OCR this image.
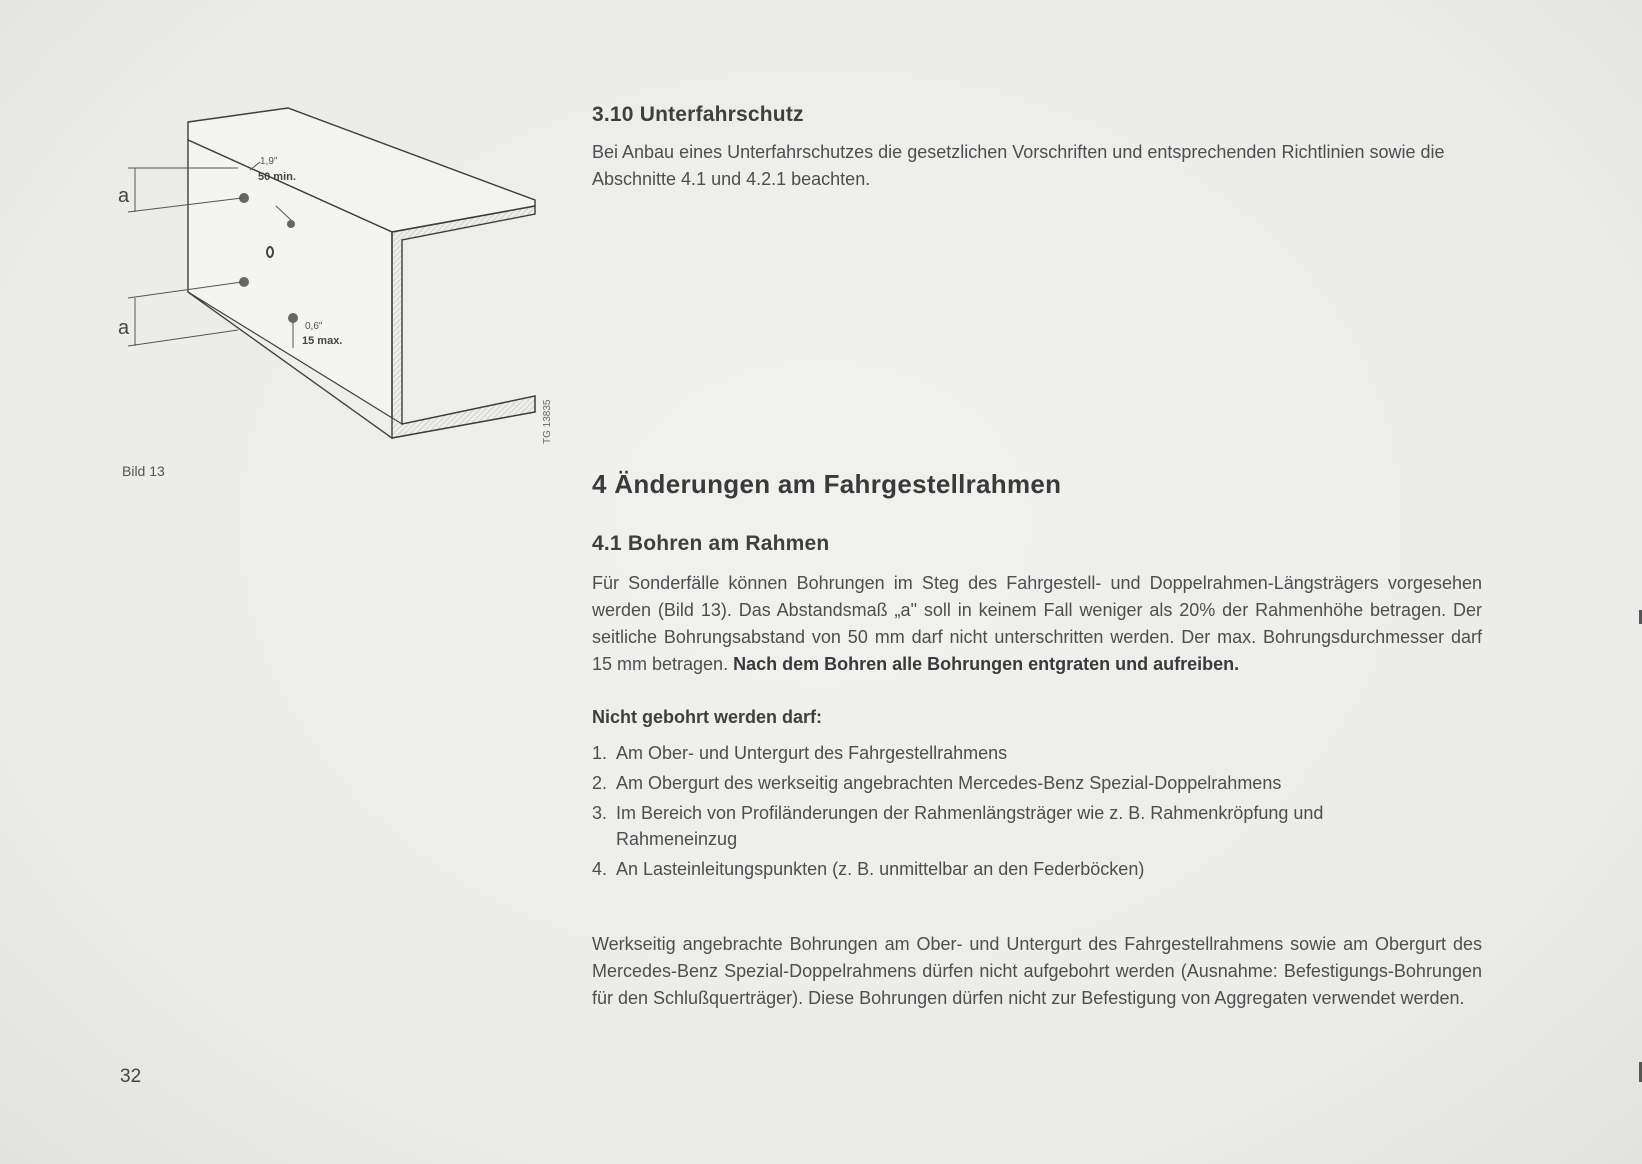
a
a
1,9"
50 min.
0,6"
15 max.
TG 13835
Bild 13
32
3.10 Unterfahrschutz

Bei Anbau eines Unterfahrschutzes die gesetzlichen Vorschriften und entsprechenden Richtlinien sowie die Abschnitte 4.1 und 4.2.1 beachten.

4 Änderungen am Fahrgestellrahmen
4.1 Bohren am Rahmen

Für Sonderfälle können Bohrungen im Steg des Fahrgestell- und Doppelrahmen-Längsträgers vorgesehen werden (Bild 13). Das Abstandsmaß „a" soll in keinem Fall weniger als 20% der Rahmenhöhe betragen. Der seitliche Bohrungsabstand von 50 mm darf nicht unterschritten werden. Der max. Bohrungsdurchmesser darf 15 mm betragen. Nach dem Bohren alle Bohrungen entgraten und aufreiben.

Nicht gebohrt werden darf:
1. Am Ober- und Untergurt des Fahrgestellrahmens
2. Am Obergurt des werkseitig angebrachten Mercedes-Benz Spezial-Doppelrahmens
3. Im Bereich von Profiländerungen der Rahmenlängsträger wie z. B. Rahmenkröpfung und Rahmeneinzug
4. An Lasteinleitungspunkten (z. B. unmittelbar an den Federböcken)

Werkseitig angebrachte Bohrungen am Ober- und Untergurt des Fahrgestellrahmens sowie am Obergurt des Mercedes-Benz Spezial-Doppelrahmens dürfen nicht aufgebohrt werden (Ausnahme: Befestigungs-Bohrungen für den Schlußquerträger). Diese Bohrungen dürfen nicht zur Befestigung von Aggregaten verwendet werden.
